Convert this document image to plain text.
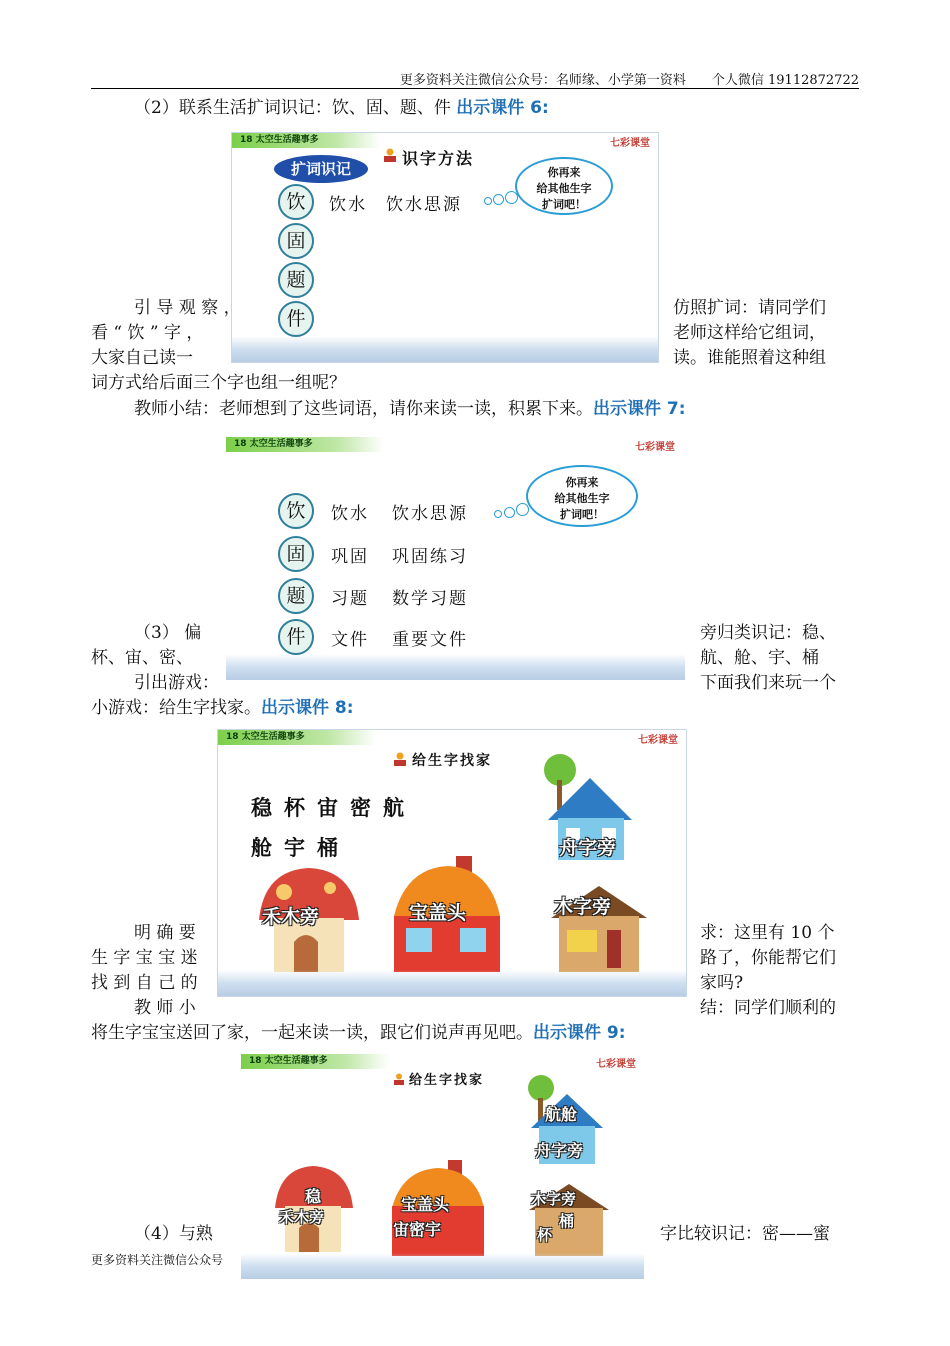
更多资料关注微信公众号：名师缘、小学第一资料　　个人微信 19112872722
（2）联系生活扩词识记：饮、固、题、件 出示课件 6:
18 太空生活趣事多	七彩课堂
扩词识记
识字方法
饮	饮水 饮水思源
固
题
件
你再来
给其他生字
扩词吧！
引 导 观 察 ，	仿照扩词：请同学们
看 “ 饮 ” 字 ，	老师这样给它组词，
大家自己读一	读。谁能照着这种组
词方式给后面三个字也组一组呢？
教师小结：老师想到了这些词语，请你来读一读，积累下来。出示课件 7:
18 太空生活趣事多	七彩课堂
饮	饮水 饮水思源
固	巩固 巩固练习
题	习题 数学习题
件	文件 重要文件
你再来
给其他生字
扩词吧！
（3） 偏	旁归类识记：稳、
杯、宙、密、	航、舱、宇、桶
引出游戏：	下面我们来玩一个
小游戏：给生字找家。出示课件 8:
18 太空生活趣事多	七彩课堂
给生字找家
稳杯宙密航
舱宇桶	舟字旁
禾木旁	宝盖头	木字旁
明 确 要	求：这里有 10 个
生 字 宝 宝 迷	路了，你能帮它们
找 到 自 己 的	家吗?
教 师 小	结：同学们顺利的
将生字宝宝送回了家，一起来读一读，跟它们说声再见吧。出示课件 9:
18 太空生活趣事多	七彩课堂
给生字找家
航舱
舟字旁
稳
禾木旁
宝盖头
宙密宇
木字旁
桶
杯
（4）与熟	字比较识记：密——蜜
更多资料关注微信公众号
